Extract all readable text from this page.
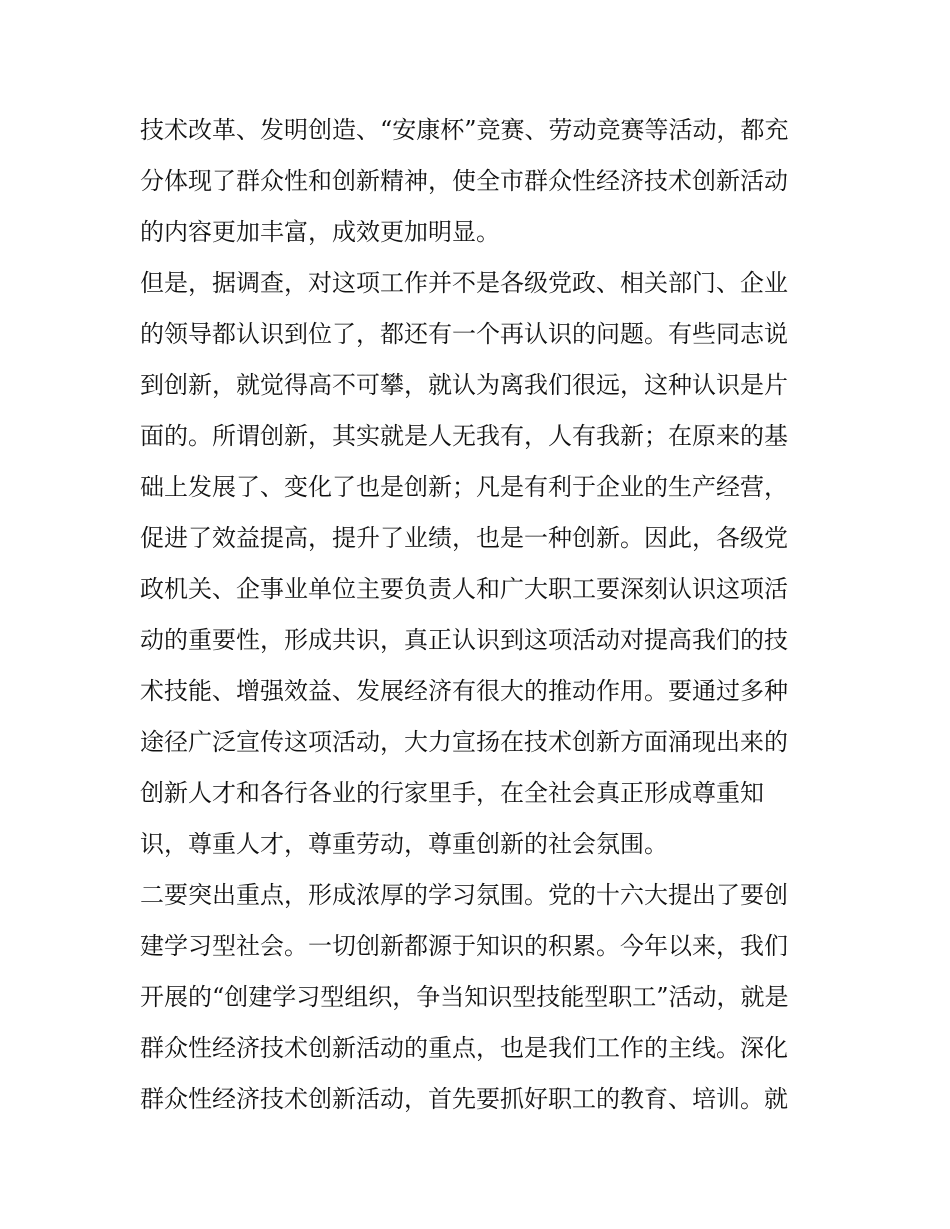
技术改革、发明创造、“安康杯”竞赛、劳动竞赛等活动，都充
分体现了群众性和创新精神，使全市群众性经济技术创新活动
的内容更加丰富，成效更加明显。
但是，据调查，对这项工作并不是各级党政、相关部门、企业
的领导都认识到位了，都还有一个再认识的问题。有些同志说
到创新，就觉得高不可攀，就认为离我们很远，这种认识是片
面的。所谓创新，其实就是人无我有，人有我新；在原来的基
础上发展了、变化了也是创新；凡是有利于企业的生产经营，
促进了效益提高，提升了业绩，也是一种创新。因此，各级党
政机关、企事业单位主要负责人和广大职工要深刻认识这项活
动的重要性，形成共识，真正认识到这项活动对提高我们的技
术技能、增强效益、发展经济有很大的推动作用。要通过多种
途径广泛宣传这项活动，大力宣扬在技术创新方面涌现出来的
创新人才和各行各业的行家里手，在全社会真正形成尊重知
识，尊重人才，尊重劳动，尊重创新的社会氛围。
二要突出重点，形成浓厚的学习氛围。党的十六大提出了要创
建学习型社会。一切创新都源于知识的积累。今年以来，我们
开展的“创建学习型组织，争当知识型技能型职工”活动，就是
群众性经济技术创新活动的重点，也是我们工作的主线。深化
群众性经济技术创新活动，首先要抓好职工的教育、培训。就
